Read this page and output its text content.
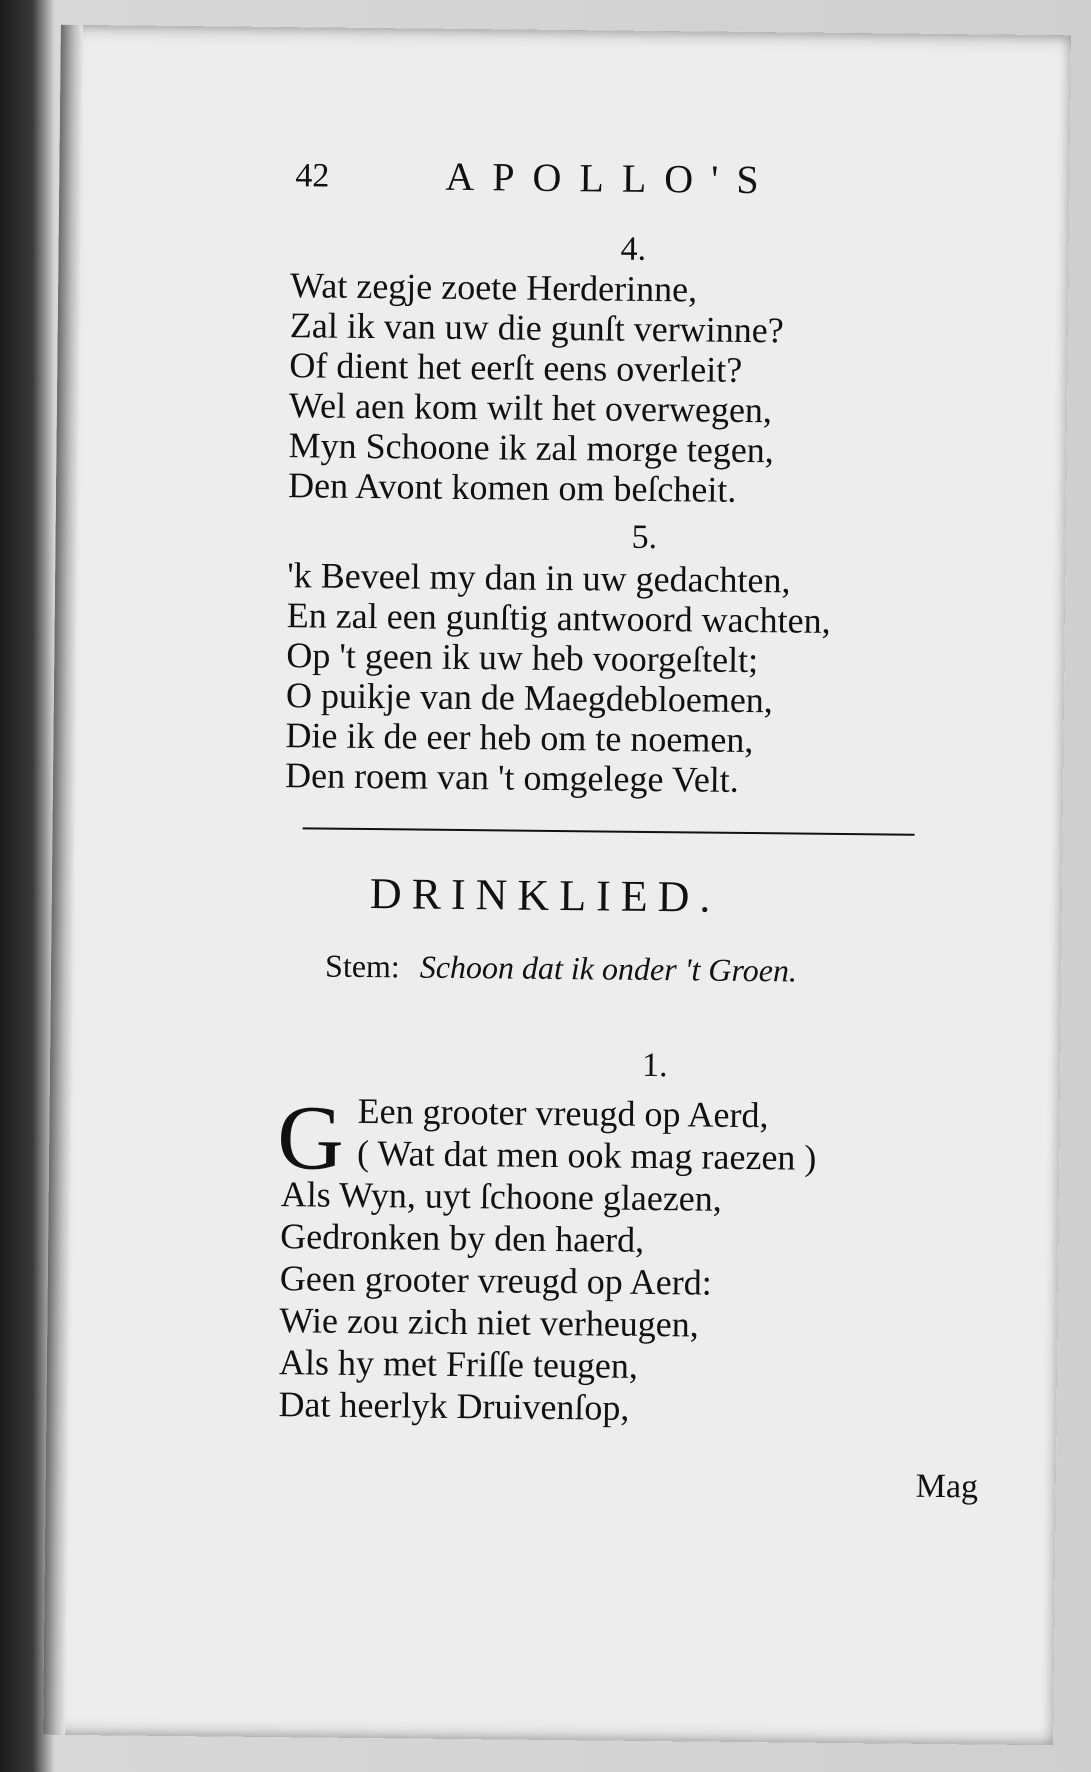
42	APOLLO'S
4.
Wat zegje zoete Herderinne,
Zal ik van uw die gunſt verwinne?
Of dient het eerſt eens overleit?
Wel aen kom wilt het overwegen,
Myn Schoone ik zal morge tegen,
Den Avont komen om beſcheit.
5.
'k Beveel my dan in uw gedachten,
En zal een gunſtig antwoord wachten,
Op 't geen ik uw heb voorgeſtelt;
O puikje van de Maegdebloemen,
Die ik de eer heb om te noemen,
Den roem van 't omgelege Velt.
DRINKLIED.
Stem: Schoon dat ik onder 't Groen.
1.
G Een grooter vreugd op Aerd,
( Wat dat men ook mag raezen )
Als Wyn, uyt ſchoone glaezen,
Gedronken by den haerd,
Geen grooter vreugd op Aerd:
Wie zou zich niet verheugen,
Als hy met Friſſe teugen,
Dat heerlyk Druivenſop,
Mag
